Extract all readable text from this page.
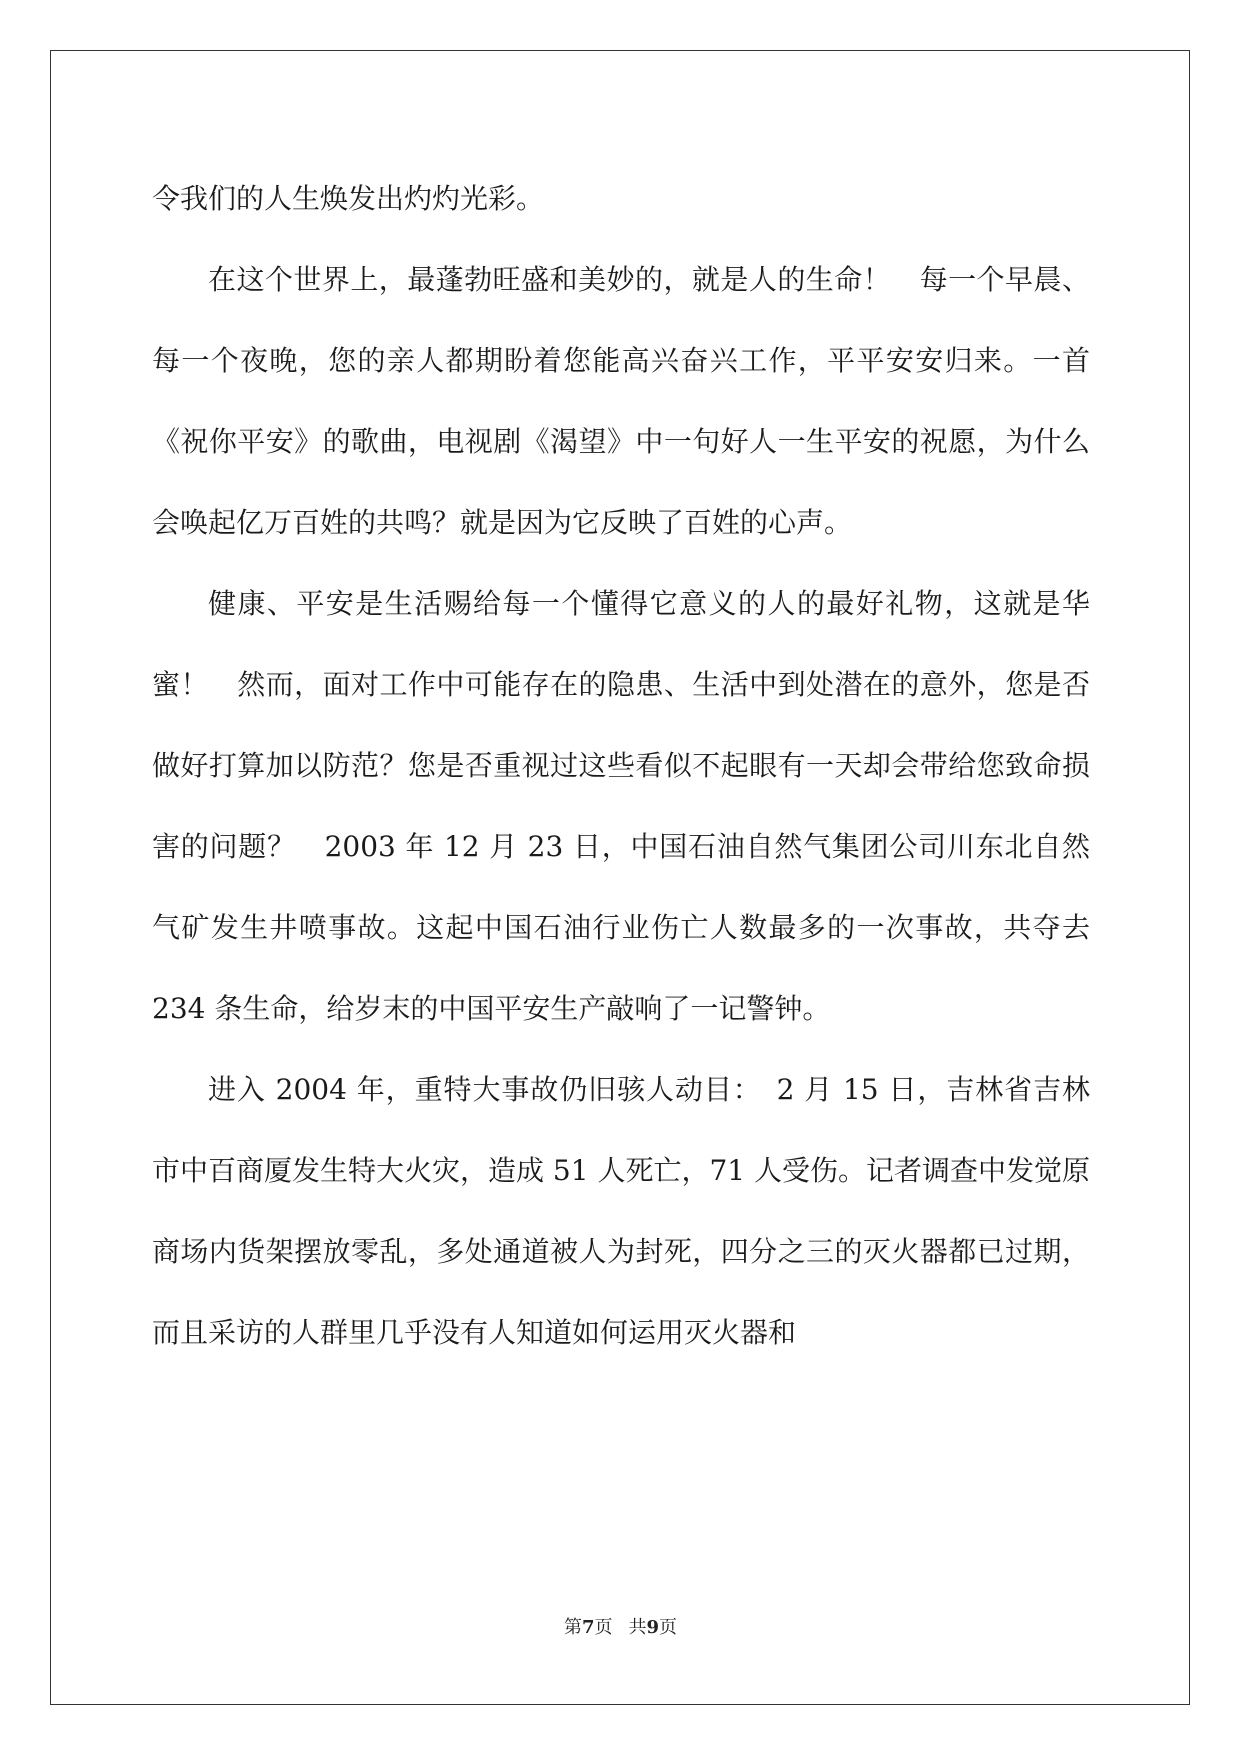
令我们的人生焕发出灼灼光彩。

在这个世界上，最蓬勃旺盛和美妙的，就是人的生命！　每一个早晨、每一个夜晚，您的亲人都期盼着您能高兴奋兴工作，平平安安归来。一首《祝你平安》的歌曲，电视剧《渴望》中一句好人一生平安的祝愿，为什么会唤起亿万百姓的共鸣？就是因为它反映了百姓的心声。

健康、平安是生活赐给每一个懂得它意义的人的最好礼物，这就是华蜜！　然而，面对工作中可能存在的隐患、生活中到处潜在的意外，您是否做好打算加以防范？您是否重视过这些看似不起眼有一天却会带给您致命损害的问题？　2003 年 12 月 23 日，中国石油自然气集团公司川东北自然气矿发生井喷事故。这起中国石油行业伤亡人数最多的一次事故，共夺去 234 条生命，给岁末的中国平安生产敲响了一记警钟。

进入 2004 年，重特大事故仍旧骇人动目：　2 月 15 日，吉林省吉林市中百商厦发生特大火灾，造成 51 人死亡，71 人受伤。记者调查中发觉原商场内货架摆放零乱，多处通道被人为封死，四分之三的灭火器都已过期，而且采访的人群里几乎没有人知道如何运用灭火器和

第7页 共9页
